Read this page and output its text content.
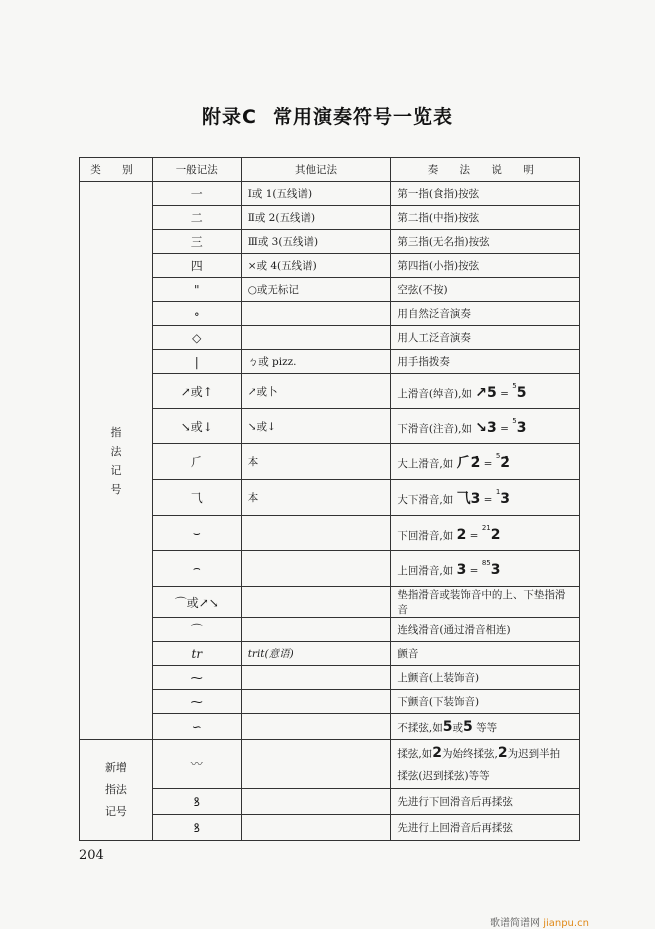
附录C 常用演奏符号一览表
类 别	一般记法	其他记法	奏 法 说 明
指
法
记
号	一	Ⅰ或 1(五线谱)	第一指(食指)按弦
	二	Ⅱ或 2(五线谱)	第二指(中指)按弦
	三	Ⅲ或 3(五线谱)	第三指(无名指)按弦
	四	×或 4(五线谱)	第四指(小指)按弦
	"	○或无标记	空弦(不按)
	∘		用自然泛音演奏
	◇		用人工泛音演奏
	|	ㄅ或 pizz.	用手指拨奏
	↗或↑	↗或卜	上滑音(绰音),如 ↗5 = $^5$5
	↘或↓	↘或↓	下滑音(注音),如 ↘3 = $^5$3
	⺁	本	大上滑音,如 ⺁2̇ = $^5$2̇
	⺄	本	大下滑音,如 ⺄3 = $^1$3
	⌣		下回滑音,如 2 = $^{21}$2
	⌢		上回滑音,如 3 = $^{85}$3
	⌒或↗↘		垫指滑音或装饰音中的上、下垫指滑音
	⌒		连线滑音(通过滑音相连)
	tr	trit(意语)	颤音
	⁓		上颤音(上装饰音)
	⁓		下颤音(下装饰音)
	∽		不揉弦,如5或5 等等
新增
指法
记号	〰		揉弦,如2为始终揉弦,2为迟到半拍
揉弦(迟到揉弦)等等
	ꝸ		先进行下回滑音后再揉弦
	ꝸ		先进行上回滑音后再揉弦
204
歌谱简谱网 jianpu.cn
